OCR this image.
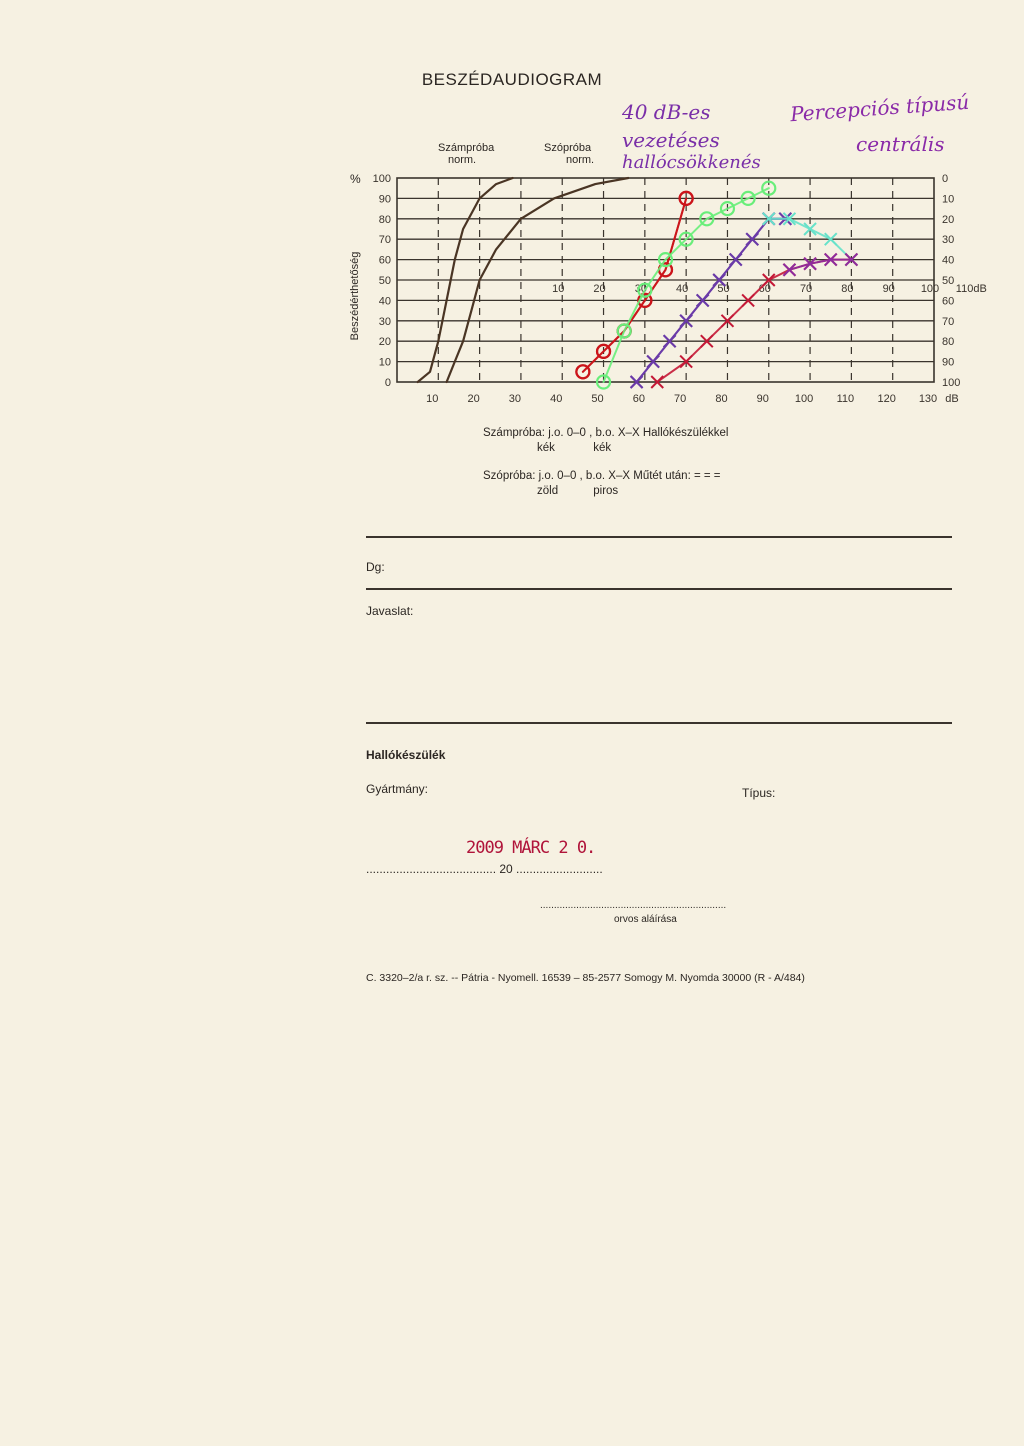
BESZÉDAUDIOGRAM
40 dB-es
vezetéses
hallócsökkenés
Percepciós típusú
centrális
Számpróba
norm.
Szópróba
norm.
%
Beszédérthetőség
0
10
20
30
40
50
60
70
80
90
100	0
10
20
30
40
50
60
70
80
90
100
10	20	30	40	50	60	70	80	90 100 110 120 130 dB
10	20	30	40	50	60	70	80	90 100 110dB
Számpróba: j.o. 0–0 , b.o. X–X Hallókészülékkel
kék            kék
Szópróba: j.o. 0–0 , b.o. X–X Műtét után: = = =
zöld           piros
Dg:
Javaslat:
Hallókészülék
Gyártmány:	Típus:
2009 MÁRC 2 0.
....................................... 20 ..........................
...................................................................
orvos aláírása
C. 3320–2/a r. sz. -- Pátria - Nyomell. 16539 – 85-2577 Somogy M. Nyomda 30000 (R - A/484)
